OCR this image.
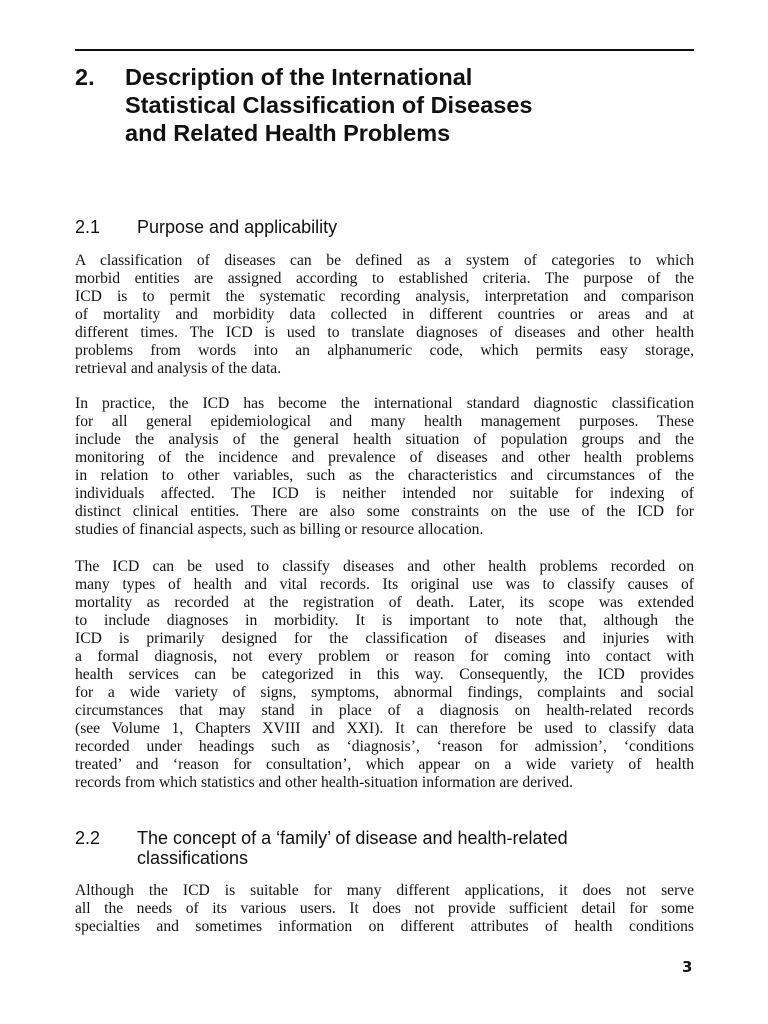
2.	Description of the International
Statistical Classification of Diseases
and Related Health Problems
2.1	Purpose and applicability
A classification of diseases can be defined as a system of categories to which
morbid entities are assigned according to established criteria. The purpose of the
ICD is to permit the systematic recording analysis, interpretation and comparison
of mortality and morbidity data collected in different countries or areas and at
different times. The ICD is used to translate diagnoses of diseases and other health
problems from words into an alphanumeric code, which permits easy storage,
retrieval and analysis of the data.
In practice, the ICD has become the international standard diagnostic classification
for all general epidemiological and many health management purposes. These
include the analysis of the general health situation of population groups and the
monitoring of the incidence and prevalence of diseases and other health problems
in relation to other variables, such as the characteristics and circumstances of the
individuals affected. The ICD is neither intended nor suitable for indexing of
distinct clinical entities. There are also some constraints on the use of the ICD for
studies of financial aspects, such as billing or resource allocation.
The ICD can be used to classify diseases and other health problems recorded on
many types of health and vital records. Its original use was to classify causes of
mortality as recorded at the registration of death. Later, its scope was extended
to include diagnoses in morbidity. It is important to note that, although the
ICD is primarily designed for the classification of diseases and injuries with
a formal diagnosis, not every problem or reason for coming into contact with
health services can be categorized in this way. Consequently, the ICD provides
for a wide variety of signs, symptoms, abnormal findings, complaints and social
circumstances that may stand in place of a diagnosis on health-related records
(see Volume 1, Chapters XVIII and XXI). It can therefore be used to classify data
recorded under headings such as ‘diagnosis’, ‘reason for admission’, ‘conditions
treated’ and ‘reason for consultation’, which appear on a wide variety of health
records from which statistics and other health-situation information are derived.
2.2	The concept of a ‘family’ of disease and health-related
classifications
Although the ICD is suitable for many different applications, it does not serve
all the needs of its various users. It does not provide sufficient detail for some
specialties and sometimes information on different attributes of health conditions
3
